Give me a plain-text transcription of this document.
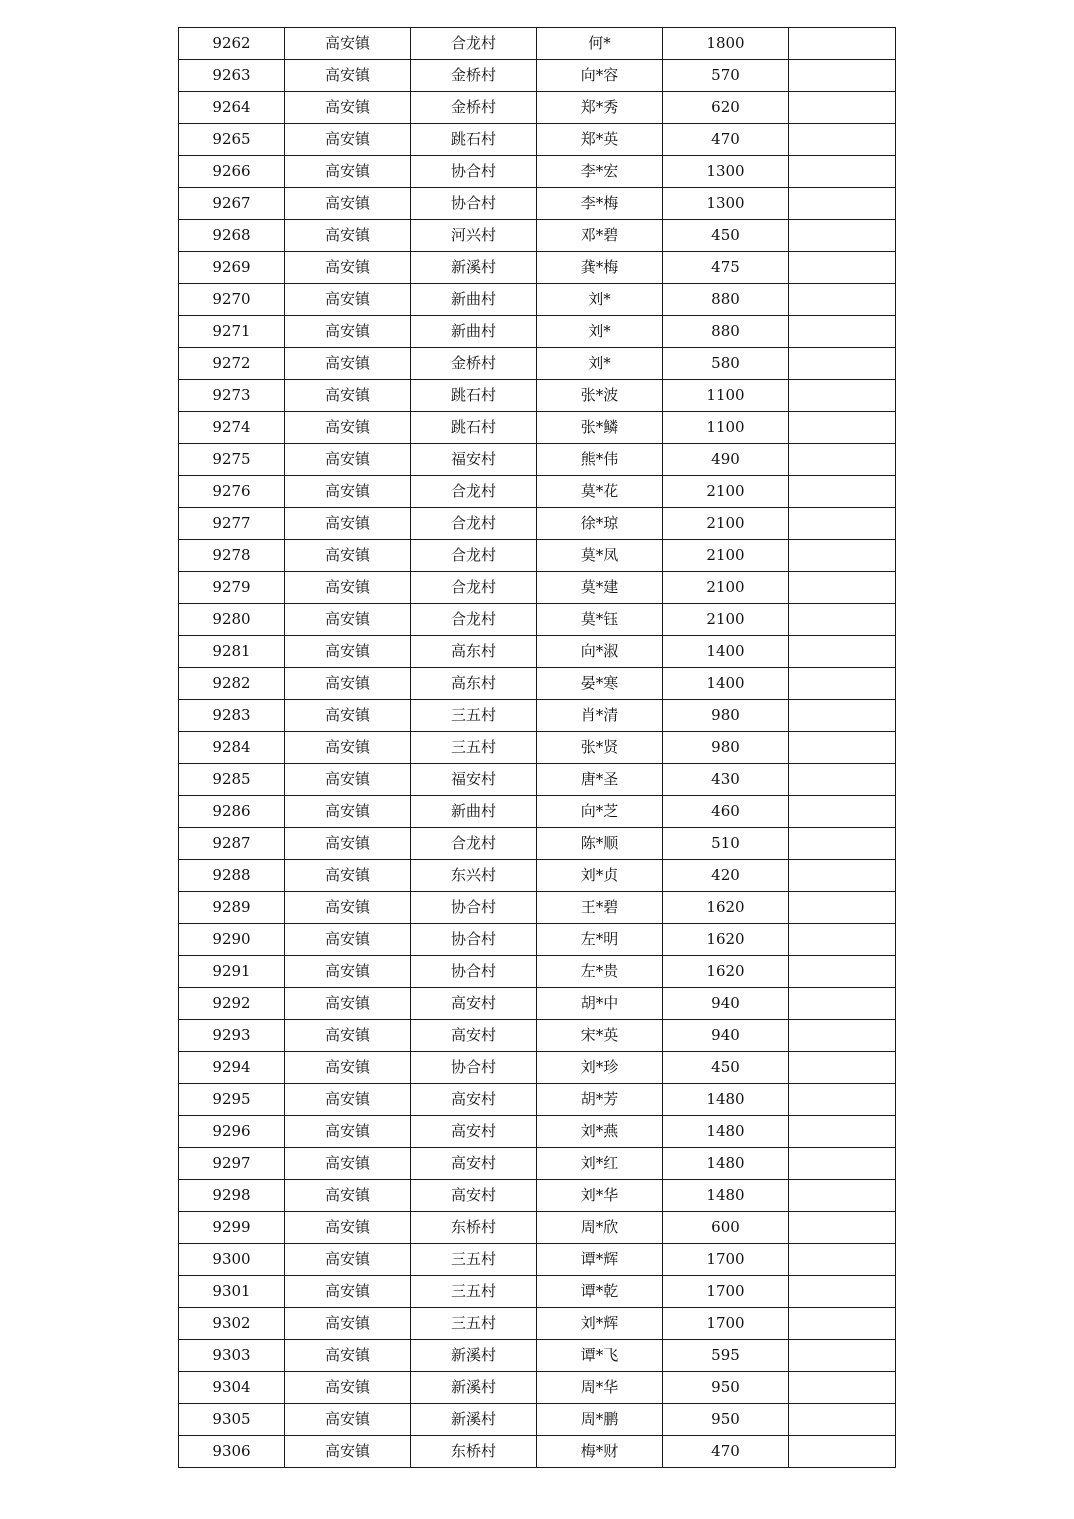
9262	高安镇	合龙村	何*	1800	
9263	高安镇	金桥村	向*容	570	
9264	高安镇	金桥村	郑*秀	620	
9265	高安镇	跳石村	郑*英	470	
9266	高安镇	协合村	李*宏	1300	
9267	高安镇	协合村	李*梅	1300	
9268	高安镇	河兴村	邓*碧	450	
9269	高安镇	新溪村	龚*梅	475	
9270	高安镇	新曲村	刘*	880	
9271	高安镇	新曲村	刘*	880	
9272	高安镇	金桥村	刘*	580	
9273	高安镇	跳石村	张*波	1100	
9274	高安镇	跳石村	张*鳞	1100	
9275	高安镇	福安村	熊*伟	490	
9276	高安镇	合龙村	莫*花	2100	
9277	高安镇	合龙村	徐*琼	2100	
9278	高安镇	合龙村	莫*凤	2100	
9279	高安镇	合龙村	莫*建	2100	
9280	高安镇	合龙村	莫*钰	2100	
9281	高安镇	高东村	向*淑	1400	
9282	高安镇	高东村	晏*寒	1400	
9283	高安镇	三五村	肖*清	980	
9284	高安镇	三五村	张*贤	980	
9285	高安镇	福安村	唐*圣	430	
9286	高安镇	新曲村	向*芝	460	
9287	高安镇	合龙村	陈*顺	510	
9288	高安镇	东兴村	刘*贞	420	
9289	高安镇	协合村	王*碧	1620	
9290	高安镇	协合村	左*明	1620	
9291	高安镇	协合村	左*贵	1620	
9292	高安镇	高安村	胡*中	940	
9293	高安镇	高安村	宋*英	940	
9294	高安镇	协合村	刘*珍	450	
9295	高安镇	高安村	胡*芳	1480	
9296	高安镇	高安村	刘*燕	1480	
9297	高安镇	高安村	刘*红	1480	
9298	高安镇	高安村	刘*华	1480	
9299	高安镇	东桥村	周*欣	600	
9300	高安镇	三五村	谭*辉	1700	
9301	高安镇	三五村	谭*乾	1700	
9302	高安镇	三五村	刘*辉	1700	
9303	高安镇	新溪村	谭*飞	595	
9304	高安镇	新溪村	周*华	950	
9305	高安镇	新溪村	周*鹏	950	
9306	高安镇	东桥村	梅*财	470	
